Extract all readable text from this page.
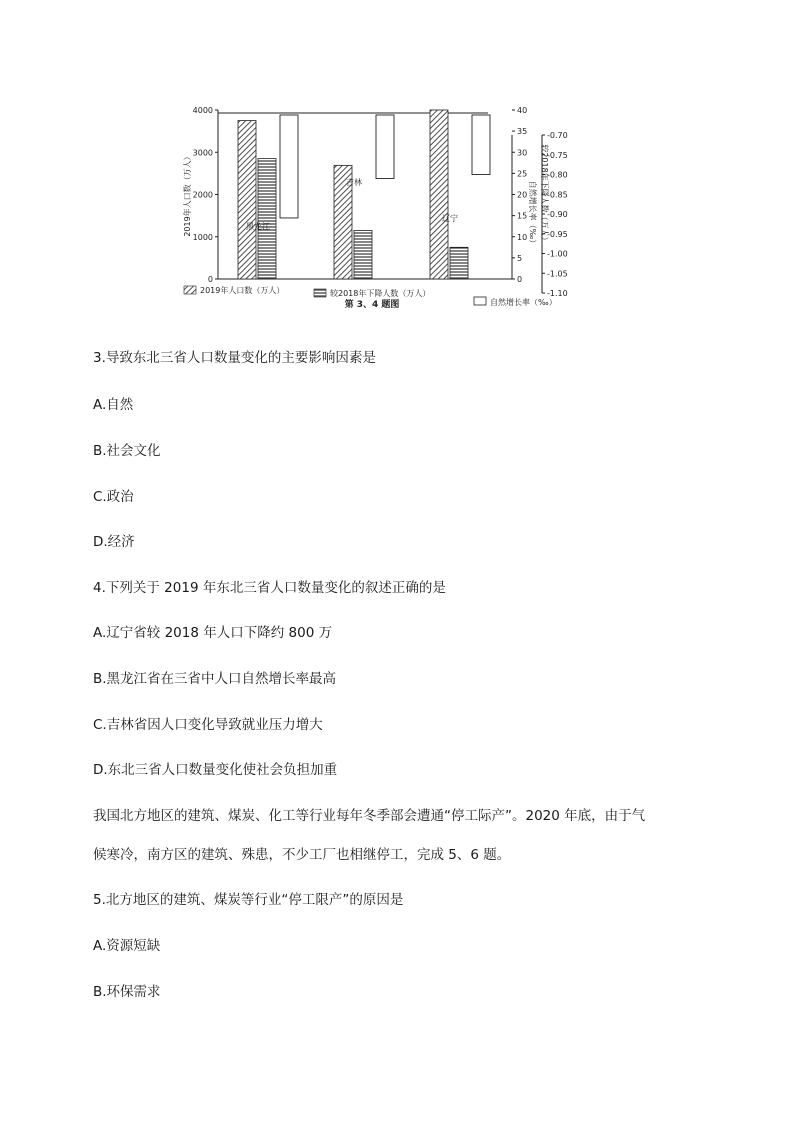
0
1000
2000
3000
4000
2019年人口数（万人）
0
5
10
15
20
25
30
35
40
较2018年下降人数（万人）
-0.70
-0.75
-0.80
-0.85
-0.90
-0.95
-1.00
-1.05
-1.10
自然增长率（‰）
黑龙江
吉林
辽宁
2019年人口数（万人）	较2018年下降人数（万人）
自然增长率（‰）
第 3、4 题图
3.导致东北三省人口数量变化的主要影响因素是
A.自然
B.社会文化
C.政治
D.经济
4.下列关于 2019 年东北三省人口数量变化的叙述正确的是
A.辽宁省较 2018 年人口下降约 800 万
B.黑龙江省在三省中人口自然增长率最高
C.吉林省因人口变化导致就业压力增大
D.东北三省人口数量变化使社会负担加重
我国北方地区的建筑、煤炭、化工等行业每年冬季部会遭通“停工际产”。2020 年底，由于气
候寒冷，南方区的建筑、殊患，不少工厂也相继停工，完成 5、6 题。
5.北方地区的建筑、煤炭等行业“停工限产”的原因是
A.资源短缺
B.环保需求
